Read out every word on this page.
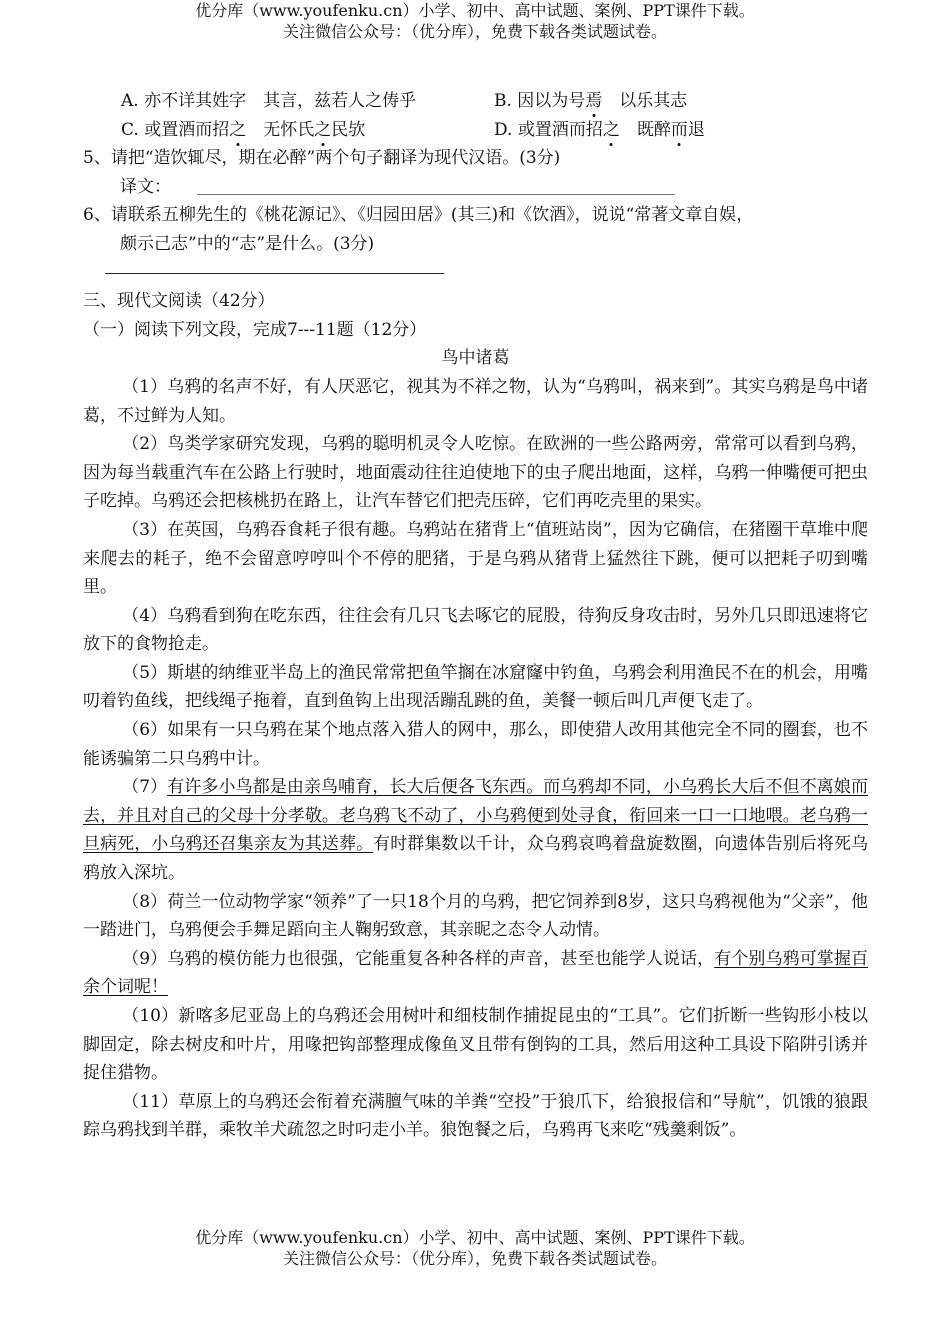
优分库（www.youfenku.cn）小学、初中、高中试题、案例、PPT课件下载。
关注微信公众号：（优分库），免费下载各类试题试卷。
A. 亦不详其姓字　其言，兹若人之俦乎	B. 因以为号焉　以乐其志
C. 或置酒而招之　无怀氏之民欤	D. 或置酒而招之　既醉而退

5、请把“造饮辄尽，期在必醉”两个句子翻译为现代汉语。(3分)

译文：

6、请联系五柳先生的《桃花源记》、《归园田居》(其三)和《饮酒》，说说“常著文章自娱，

颇示己志”中的“志”是什么。(3分)

三、现代文阅读（42分）

（一）阅读下列文段，完成7---11题（12分）

鸟中诸葛

（1）乌鸦的名声不好，有人厌恶它，视其为不祥之物，认为“乌鸦叫，祸来到”。其实乌鸦是鸟中诸葛，不过鲜为人知。

（2）鸟类学家研究发现，乌鸦的聪明机灵令人吃惊。在欧洲的一些公路两旁，常常可以看到乌鸦，因为每当载重汽车在公路上行驶时，地面震动往往迫使地下的虫子爬出地面，这样，乌鸦一伸嘴便可把虫子吃掉。乌鸦还会把核桃扔在路上，让汽车替它们把壳压碎，它们再吃壳里的果实。

（3）在英国，乌鸦吞食耗子很有趣。乌鸦站在猪背上“值班站岗”，因为它确信，在猪圈干草堆中爬来爬去的耗子，绝不会留意哼哼叫个不停的肥猪，于是乌鸦从猪背上猛然往下跳，便可以把耗子叨到嘴里。

（4）乌鸦看到狗在吃东西，往往会有几只飞去啄它的屁股，待狗反身攻击时，另外几只即迅速将它放下的食物抢走。

（5）斯堪的纳维亚半岛上的渔民常常把鱼竿搁在冰窟窿中钓鱼，乌鸦会利用渔民不在的机会，用嘴叨着钓鱼线，把线绳子拖着，直到鱼钩上出现活蹦乱跳的鱼，美餐一顿后叫几声便飞走了。

（6）如果有一只乌鸦在某个地点落入猎人的网中，那么，即使猎人改用其他完全不同的圈套，也不能诱骗第二只乌鸦中计。

（7）有许多小鸟都是由亲鸟哺育，长大后便各飞东西。而乌鸦却不同，小乌鸦长大后不但不离娘而去，并且对自己的父母十分孝敬。老乌鸦飞不动了，小乌鸦便到处寻食，衔回来一口一口地喂。老乌鸦一旦病死，小乌鸦还召集亲友为其送葬。有时群集数以千计，众乌鸦哀鸣着盘旋数圈，向遗体告别后将死乌鸦放入深坑。

（8）荷兰一位动物学家“领养”了一只18个月的乌鸦，把它饲养到8岁，这只乌鸦视他为“父亲”，他一踏进门，乌鸦便会手舞足蹈向主人鞠躬致意，其亲昵之态令人动情。

（9）乌鸦的模仿能力也很强，它能重复各种各样的声音，甚至也能学人说话，有个别乌鸦可掌握百余个词呢！

（10）新喀多尼亚岛上的乌鸦还会用树叶和细枝制作捕捉昆虫的“工具”。它们折断一些钩形小枝以脚固定，除去树皮和叶片，用喙把钩部整理成像鱼叉且带有倒钩的工具，然后用这种工具设下陷阱引诱并捉住猎物。

（11）草原上的乌鸦还会衔着充满膻气味的羊粪“空投”于狼爪下，给狼报信和“导航”，饥饿的狼跟踪乌鸦找到羊群，乘牧羊犬疏忽之时叼走小羊。狼饱餐之后，乌鸦再飞来吃“残羹剩饭”。

优分库（www.youfenku.cn）小学、初中、高中试题、案例、PPT课件下载。
关注微信公众号：（优分库），免费下载各类试题试卷。
